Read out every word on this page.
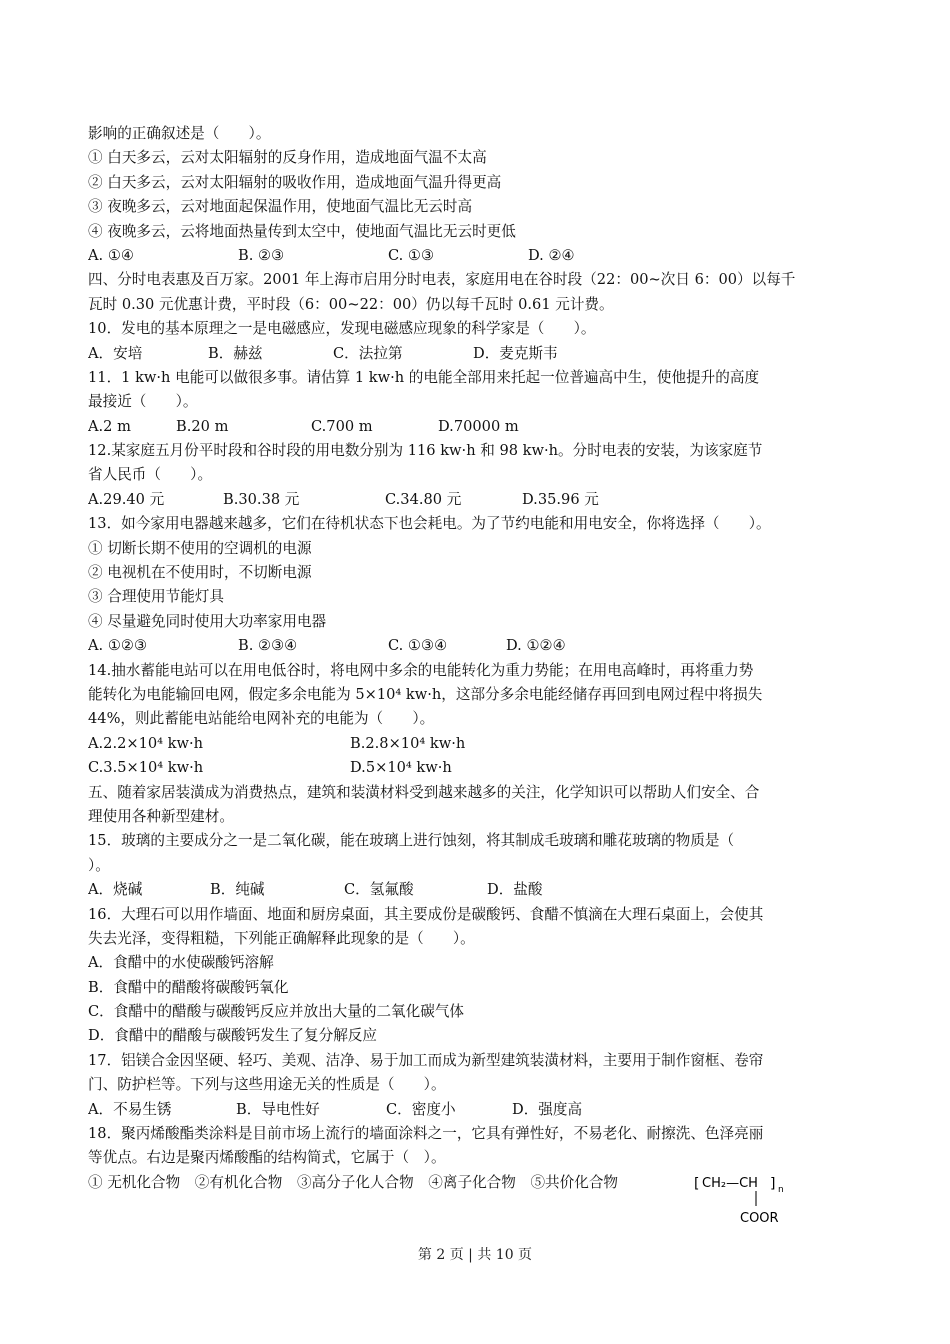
影响的正确叙述是（　　）。
① 白天多云，云对太阳辐射的反身作用，造成地面气温不太高
② 白天多云，云对太阳辐射的吸收作用，造成地面气温升得更高
③ 夜晚多云，云对地面起保温作用，使地面气温比无云时高
④ 夜晚多云，云将地面热量传到太空中，使地面气温比无云时更低
A. ①④	B. ②③	C. ①③	D. ②④
四、分时电表惠及百万家。2001 年上海市启用分时电表，家庭用电在谷时段（22：00~次日 6：00）以每千
瓦时 0.30 元优惠计费，平时段（6：00~22：00）仍以每千瓦时 0.61 元计费。
10．发电的基本原理之一是电磁感应，发现电磁感应现象的科学家是（　　）。
A．安培	B．赫兹	C．法拉第	D．麦克斯韦
11．1 kw·h 电能可以做很多事。请估算 1 kw·h 的电能全部用来托起一位普遍高中生，使他提升的高度
最接近（　　）。
A.2 m	B.20 m	C.700 m	D.70000 m
12.某家庭五月份平时段和谷时段的用电数分别为 116 kw·h 和 98 kw·h。分时电表的安装，为该家庭节
省人民币（　　）。
A.29.40 元	B.30.38 元	C.34.80 元	D.35.96 元
13．如今家用电器越来越多，它们在待机状态下也会耗电。为了节约电能和用电安全，你将选择（　　）。
① 切断长期不使用的空调机的电源
② 电视机在不使用时，不切断电源
③ 合理使用节能灯具
④ 尽量避免同时使用大功率家用电器
A. ①②③	B. ②③④	C. ①③④	D. ①②④
14.抽水蓄能电站可以在用电低谷时，将电网中多余的电能转化为重力势能；在用电高峰时，再将重力势
能转化为电能输回电网，假定多余电能为 5×10⁴ kw·h，这部分多余电能经储存再回到电网过程中将损失
44%，则此蓄能电站能给电网补充的电能为（　　）。
A.2.2×10⁴ kw·h	B.2.8×10⁴ kw·h
C.3.5×10⁴ kw·h	D.5×10⁴ kw·h
五、随着家居装潢成为消费热点，建筑和装潢材料受到越来越多的关注，化学知识可以帮助人们安全、合
理使用各种新型建材。
15．玻璃的主要成分之一是二氧化碳，能在玻璃上进行蚀刻，将其制成毛玻璃和雕花玻璃的物质是（
）。
A．烧碱	B．纯碱	C．氢氟酸	D．盐酸
16．大理石可以用作墙面、地面和厨房桌面，其主要成份是碳酸钙、食醋不慎滴在大理石桌面上，会使其
失去光泽，变得粗糙，下列能正确解释此现象的是（　　）。
A．食醋中的水使碳酸钙溶解
B．食醋中的醋酸将碳酸钙氧化
C．食醋中的醋酸与碳酸钙反应并放出大量的二氧化碳气体
D．食醋中的醋酸与碳酸钙发生了复分解反应
17．铝镁合金因坚硬、轻巧、美观、洁净、易于加工而成为新型建筑装潢材料，主要用于制作窗框、卷帘
门、防护栏等。下列与这些用途无关的性质是（　　）。
A．不易生锈	B．导电性好	C．密度小	D．强度高
18．聚丙烯酸酯类涂料是目前市场上流行的墙面涂料之一，它具有弹性好，不易老化、耐擦洗、色泽亮丽
等优点。右边是聚丙烯酸酯的结构简式，它属于（　）。
① 无机化合物　②有机化合物　③高分子化人合物　④离子化合物　⑤共价化合物	[ CH₂—CH ] n
COOR
第 2 页 | 共 10 页
